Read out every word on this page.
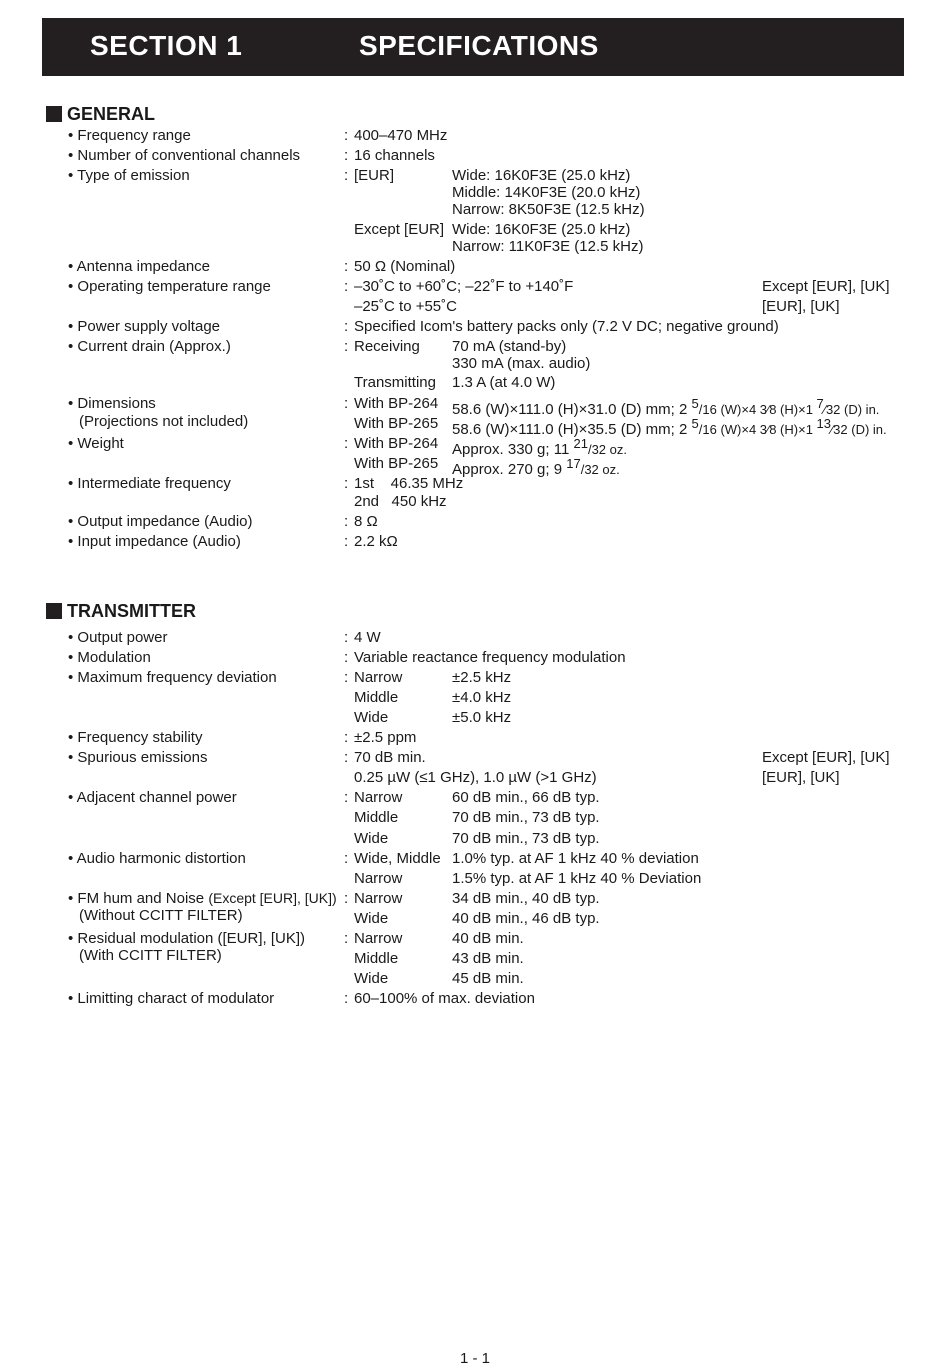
SECTION 1	SPECIFICATIONS
GENERAL
• Frequency range	: 400–470 MHz
• Number of conventional channels	: 16 channels
• Type of emission	: [EUR]	Wide: 16K0F3E (25.0 kHz)
Middle: 14K0F3E (20.0 kHz)
Narrow: 8K50F3E (12.5 kHz)
Except [EUR] Wide: 16K0F3E (25.0 kHz)
Narrow: 11K0F3E (12.5 kHz)
• Antenna impedance	: 50 Ω (Nominal)
• Operating temperature range	: –30˚C to +60˚C; –22˚F to +140˚F	Except [EUR], [UK]
–25˚C to +55˚C	[EUR], [UK]
• Power supply voltage	: Specified Icom's battery packs only (7.2 V DC; negative ground)
• Current drain (Approx.)	: Receiving 70 mA (stand-by)
330 mA (max. audio)
Transmitting 1.3 A (at 4.0 W)
• Dimensions
(Projections not included)
: With BP-264 58.6 (W)×111.0 (H)×31.0 (D) mm; 2 $^5$/16 (W)×4 3⁄8 (H)×1 $^7$⁄32 (D) in.
With BP-265 58.6 (W)×111.0 (H)×35.5 (D) mm; 2 $^5$/16 (W)×4 3⁄8 (H)×1 $^{13}$⁄32 (D) in.
• Weight	: With BP-264 Approx. 330 g; 11 $^{21}$/32 oz.
With BP-265 Approx. 270 g; 9 $^{17}$/32 oz.
• Intermediate frequency	: 1st    46.35 MHz
2nd   450 kHz
• Output impedance (Audio)	: 8 Ω
• Input impedance (Audio)	: 2.2 kΩ
TRANSMITTER
• Output power	: 4 W
• Modulation	: Variable reactance frequency modulation
• Maximum frequency deviation	: Narrow	±2.5 kHz
Middle	±4.0 kHz
Wide	±5.0 kHz
• Frequency stability	: ±2.5 ppm
• Spurious emissions	: 70 dB min.	Except [EUR], [UK]
0.25 µW (≤1 GHz), 1.0 µW (>1 GHz)	[EUR], [UK]
• Adjacent channel power	: Narrow	60 dB min., 66 dB typ.
Middle	70 dB min., 73 dB typ.
Wide	70 dB min., 73 dB typ.
• Audio harmonic distortion	: Wide, Middle 1.0% typ. at AF 1 kHz 40 % deviation
Narrow	1.5% typ. at AF 1 kHz 40 % Deviation
• FM hum and Noise (Except [EUR], [UK])
(Without CCITT FILTER)
: Narrow	34 dB min., 40 dB typ.
Wide	40 dB min., 46 dB typ.
• Residual modulation ([EUR], [UK])
(With CCITT FILTER)
: Narrow	40 dB min.
Middle	43 dB min.
Wide	45 dB min.
• Limitting charact of modulator	: 60–100% of max. deviation
1 - 1
